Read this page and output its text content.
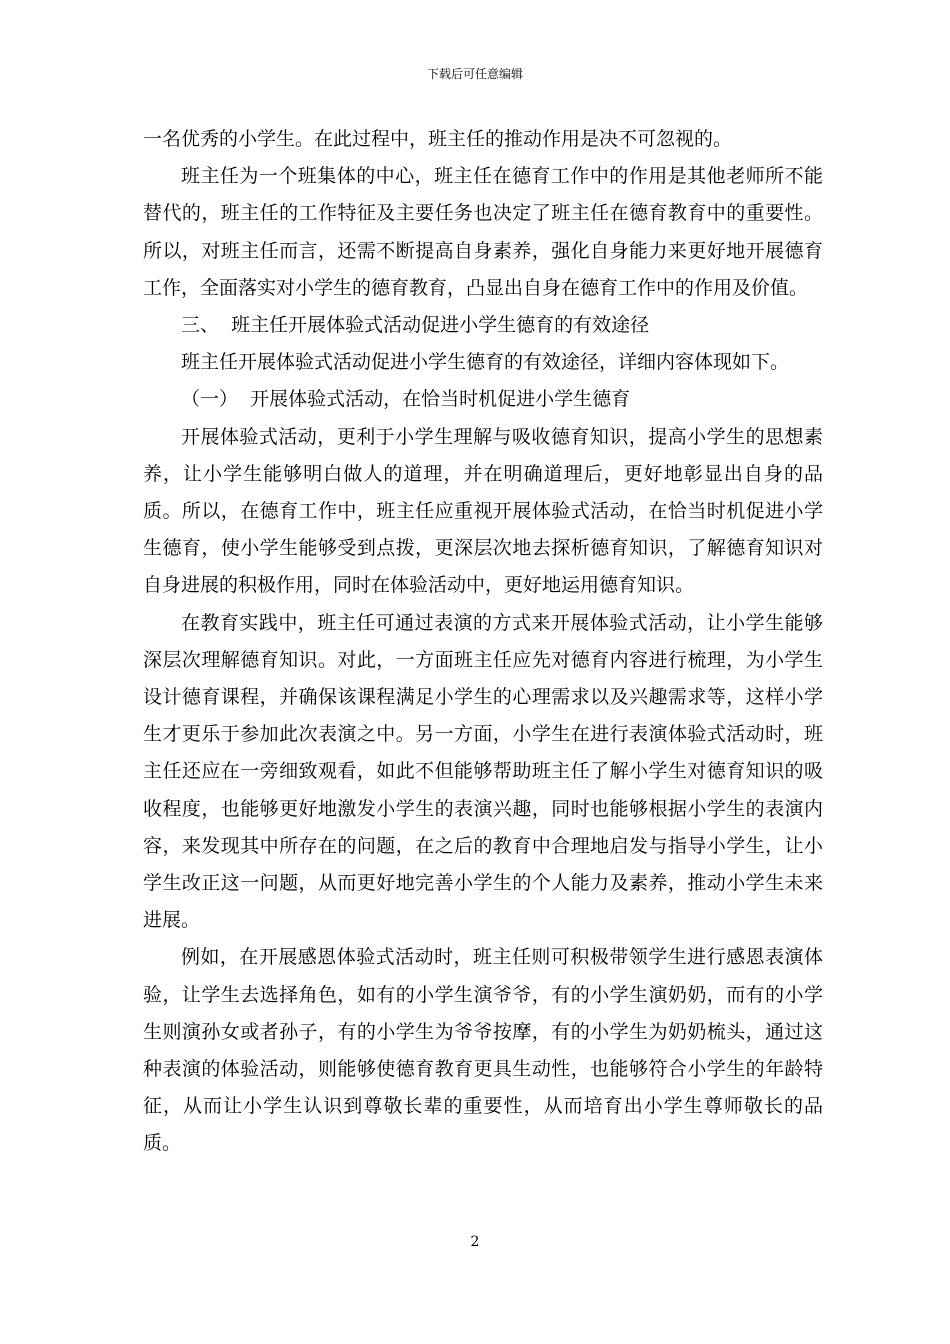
下载后可任意编辑

一名优秀的小学生。在此过程中，班主任的推动作用是决不可忽视的。

班主任为一个班集体的中心，班主任在德育工作中的作用是其他老师所不能替代的，班主任的工作特征及主要任务也决定了班主任在德育教育中的重要性。所以，对班主任而言，还需不断提高自身素养，强化自身能力来更好地开展德育工作，全面落实对小学生的德育教育，凸显出自身在德育工作中的作用及价值。

三、  班主任开展体验式活动促进小学生德育的有效途径

班主任开展体验式活动促进小学生德育的有效途径，详细内容体现如下。

（一）  开展体验式活动，在恰当时机促进小学生德育

开展体验式活动，更利于小学生理解与吸收德育知识，提高小学生的思想素养，让小学生能够明白做人的道理，并在明确道理后，更好地彰显出自身的品质。所以，在德育工作中，班主任应重视开展体验式活动，在恰当时机促进小学生德育，使小学生能够受到点拨，更深层次地去探析德育知识，了解德育知识对自身进展的积极作用，同时在体验活动中，更好地运用德育知识。

在教育实践中，班主任可通过表演的方式来开展体验式活动，让小学生能够深层次理解德育知识。对此，一方面班主任应先对德育内容进行梳理，为小学生设计德育课程，并确保该课程满足小学生的心理需求以及兴趣需求等，这样小学生才更乐于参加此次表演之中。另一方面，小学生在进行表演体验式活动时，班主任还应在一旁细致观看，如此不但能够帮助班主任了解小学生对德育知识的吸收程度，也能够更好地激发小学生的表演兴趣，同时也能够根据小学生的表演内容，来发现其中所存在的问题，在之后的教育中合理地启发与指导小学生，让小学生改正这一问题，从而更好地完善小学生的个人能力及素养，推动小学生未来进展。

例如，在开展感恩体验式活动时，班主任则可积极带领学生进行感恩表演体验，让学生去选择角色，如有的小学生演爷爷，有的小学生演奶奶，而有的小学生则演孙女或者孙子，有的小学生为爷爷按摩，有的小学生为奶奶梳头，通过这种表演的体验活动，则能够使德育教育更具生动性，也能够符合小学生的年龄特征，从而让小学生认识到尊敬长辈的重要性，从而培育出小学生尊师敬长的品质。

2
